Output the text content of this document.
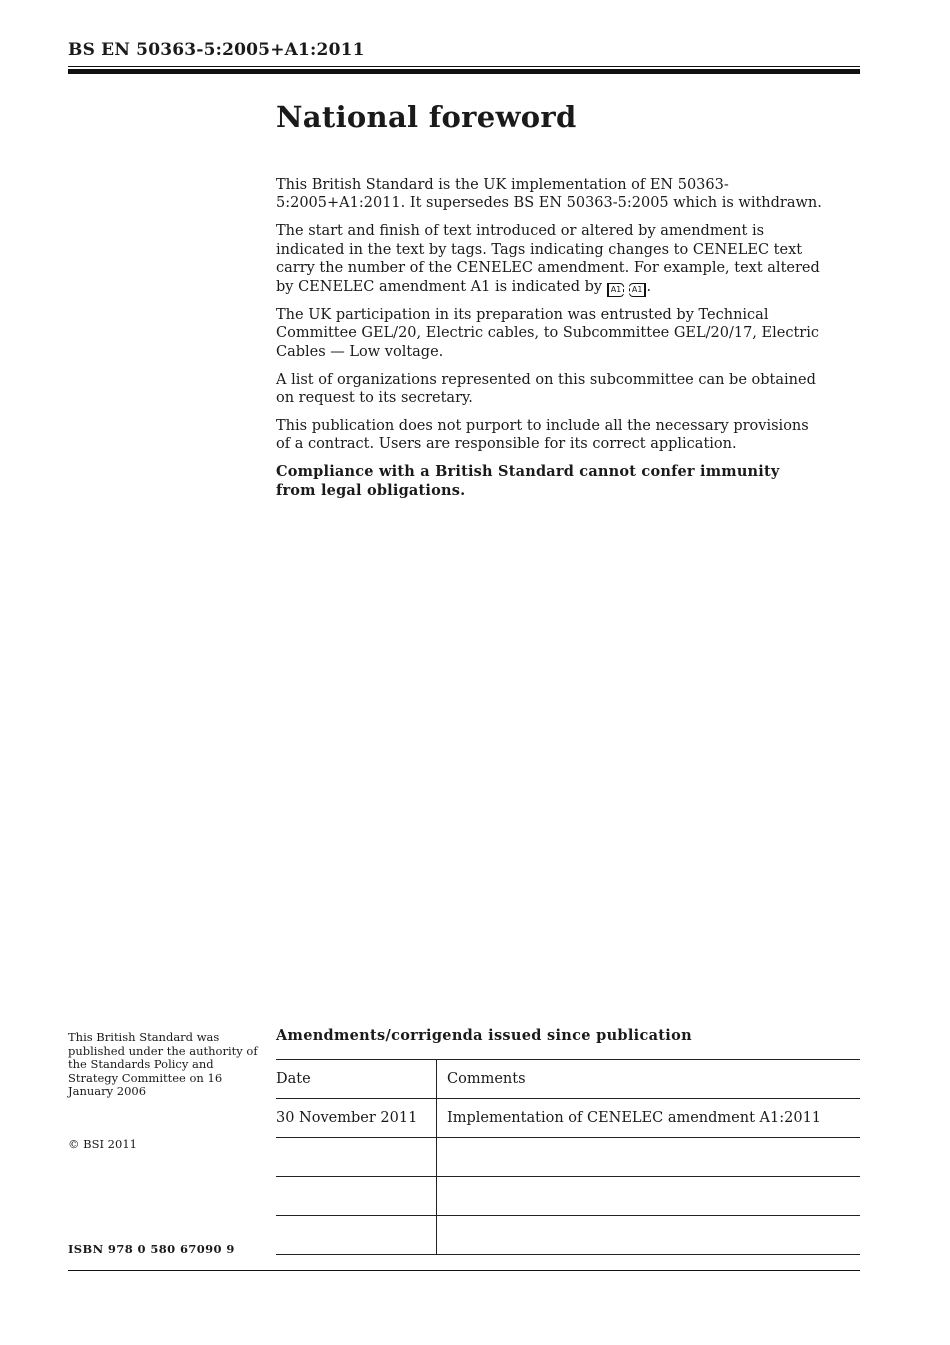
BS EN 50363-5:2005+A1:2011
National foreword

This British Standard is the UK implementation of EN 50363-5:2005+A1:2011. It supersedes BS EN 50363-5:2005 which is withdrawn.

The start and finish of text introduced or altered by amendment is indicated in the text by tags. Tags indicating changes to CENELEC text carry the number of the CENELEC amendment. For example, text altered by CENELEC amendment A1 is indicated by A1 A1 .

The UK participation in its preparation was entrusted by Technical Committee GEL/20, Electric cables, to Subcommittee GEL/20/17, Electric Cables — Low voltage.

A list of organizations represented on this subcommittee can be obtained on request to its secretary.

This publication does not purport to include all the necessary provisions of a contract. Users are responsible for its correct application.

Compliance with a British Standard cannot confer immunity from legal obligations.

This British Standard was published under the authority of the Standards Policy and Strategy Committee on 16 January 2006
© BSI 2011
ISBN 978 0 580 67090 9
Amendments/corrigenda issued since publication
Date	Comments
30 November 2011	Implementation of CENELEC amendment A1:2011
